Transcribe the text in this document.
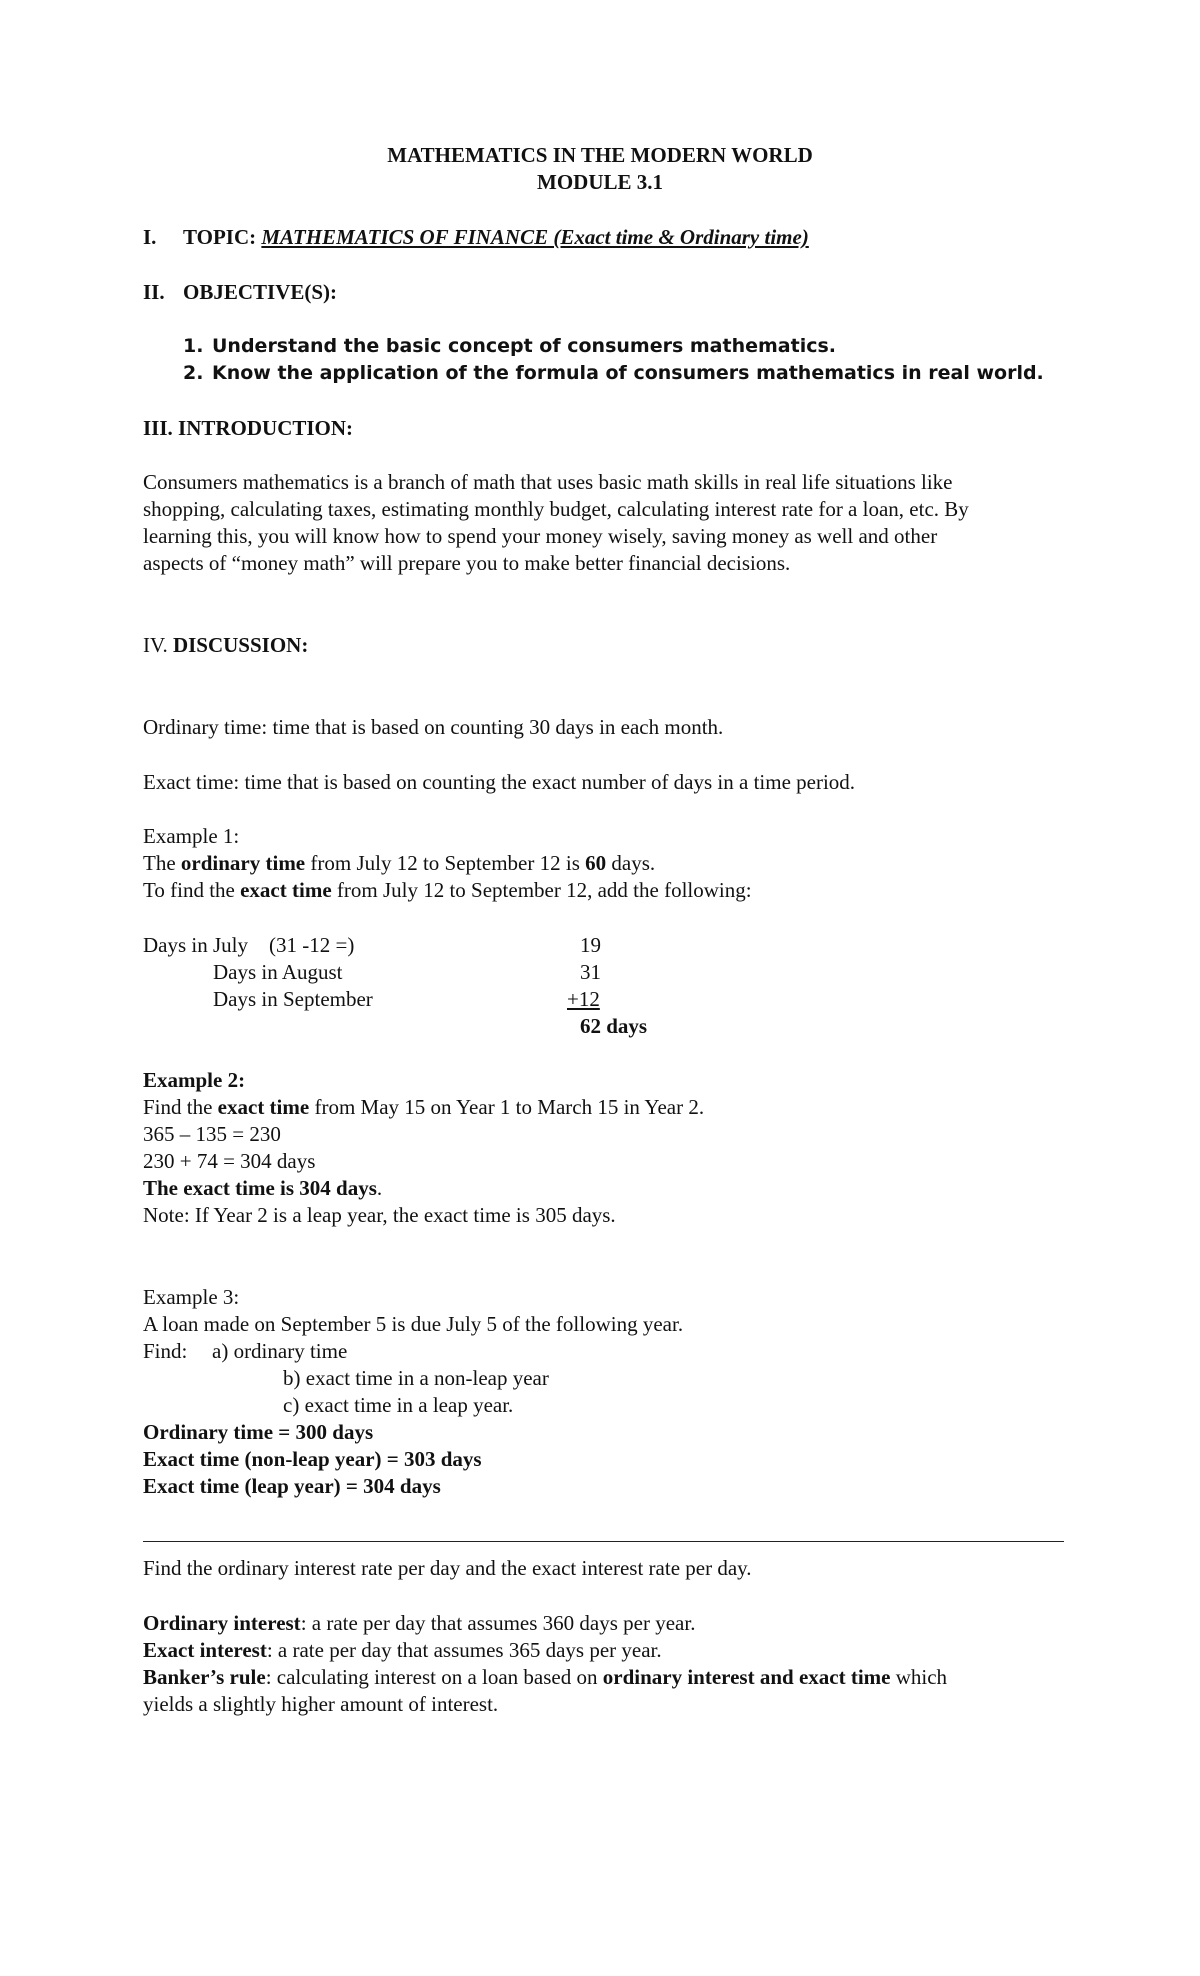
MATHEMATICS IN THE MODERN WORLD
MODULE 3.1
I. TOPIC: MATHEMATICS OF FINANCE (Exact time & Ordinary time)
II. OBJECTIVE(S):
1. Understand the basic concept of consumers mathematics.
2. Know the application of the formula of consumers mathematics in real world.
III. INTRODUCTION:
Consumers mathematics is a branch of math that uses basic math skills in real life situations like
shopping, calculating taxes, estimating monthly budget, calculating interest rate for a loan, etc. By
learning this, you will know how to spend your money wisely, saving money as well and other
aspects of “money math” will prepare you to make better financial decisions.
IV. DISCUSSION:
Ordinary time: time that is based on counting 30 days in each month.
Exact time: time that is based on counting the exact number of days in a time period.
Example 1:
The ordinary time from July 12 to September 12 is 60 days.
To find the exact time from July 12 to September 12, add the following:
Days in July    (31 -12 =)	19
Days in August	31
Days in September	+12
62 days
Example 2:
Find the exact time from May 15 on Year 1 to March 15 in Year 2.
365 – 135 = 230
230 + 74 = 304 days
The exact time is 304 days.
Note: If Year 2 is a leap year, the exact time is 305 days.
Example 3:
A loan made on September 5 is due July 5 of the following year.
Find: a) ordinary time
b) exact time in a non-leap year
c) exact time in a leap year.
Ordinary time = 300 days
Exact time (non-leap year) = 303 days
Exact time (leap year) = 304 days
Find the ordinary interest rate per day and the exact interest rate per day.
Ordinary interest: a rate per day that assumes 360 days per year.
Exact interest: a rate per day that assumes 365 days per year.
Banker’s rule: calculating interest on a loan based on ordinary interest and exact time which
yields a slightly higher amount of interest.
